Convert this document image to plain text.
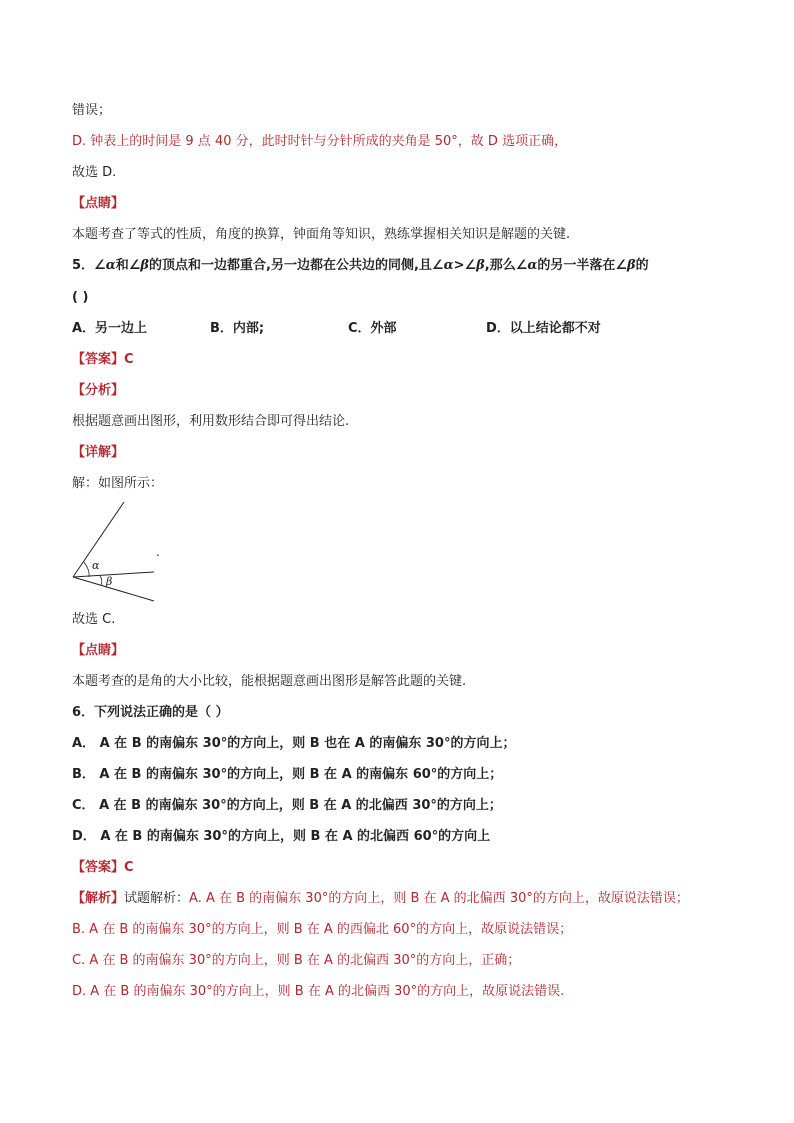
错误；
D. 钟表上的时间是 9 点 40 分，此时时针与分针所成的夹角是 50°，故 D 选项正确，
故选 D.
【点睛】
本题考查了等式的性质，角度的换算，钟面角等知识，熟练掌握相关知识是解题的关键.
5．∠α和∠β的顶点和一边都重合,另一边都在公共边的同侧,且∠α>∠β,那么∠α的另一半落在∠β的
( )
A．另一边上	B．内部;	C．外部	D．以上结论都不对
【答案】C
【分析】
根据题意画出图形，利用数形结合即可得出结论.
【详解】
解：如图所示：
α
β
.
故选 C.
【点睛】
本题考查的是角的大小比较，能根据题意画出图形是解答此题的关键.
6．下列说法正确的是（ ）
A． A 在 B 的南偏东 30°的方向上，则 B 也在 A 的南偏东 30°的方向上；
B． A 在 B 的南偏东 30°的方向上，则 B 在 A 的南偏东 60°的方向上；
C． A 在 B 的南偏东 30°的方向上，则 B 在 A 的北偏西 30°的方向上；
D． A 在 B 的南偏东 30°的方向上，则 B 在 A 的北偏西 60°的方向上
【答案】C
【解析】试题解析：A. A 在 B 的南偏东 30°的方向上，则 B 在 A 的北偏西 30°的方向上，故原说法错误；
B. A 在 B 的南偏东 30°的方向上，则 B 在 A 的西偏北 60°的方向上，故原说法错误；
C. A 在 B 的南偏东 30°的方向上，则 B 在 A 的北偏西 30°的方向上，正确；
D. A 在 B 的南偏东 30°的方向上，则 B 在 A 的北偏西 30°的方向上，故原说法错误.
